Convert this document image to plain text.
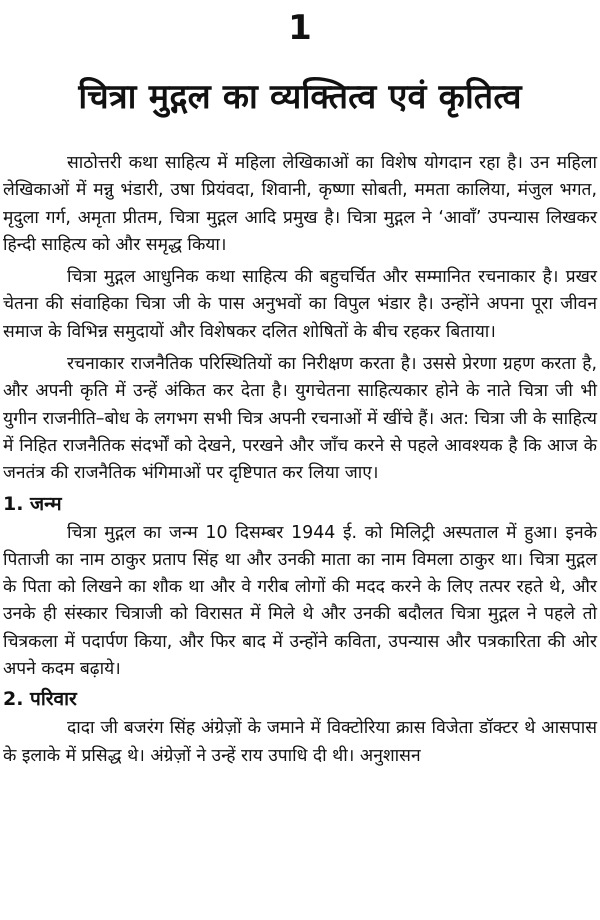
1
चित्रा मुद्गल का व्यक्तित्व एवं कृतित्व

साठोत्तरी कथा साहित्य में महिला लेखिकाओं का विशेष योगदान रहा है। उन महिला लेखिकाओं में मन्नु भंडारी, उषा प्रियंवदा, शिवानी, कृष्णा सोबती, ममता कालिया, मंजुल भगत, मृदुला गर्ग, अमृता प्रीतम, चित्रा मुद्गल आदि प्रमुख है। चित्रा मुद्गल ने ‘आवाँ’ उपन्यास लिखकर हिन्दी साहित्य को और समृद्ध किया।

चित्रा मुद्गल आधुनिक कथा साहित्य की बहुचर्चित और सम्मानित रचनाकार है। प्रखर चेतना की संवाहिका चित्रा जी के पास अनुभवों का विपुल भंडार है। उन्होंने अपना पूरा जीवन समाज के विभिन्न समुदायों और विशेषकर दलित शोषितों के बीच रहकर बिताया।

रचनाकार राजनैतिक परिस्थितियों का निरीक्षण करता है। उससे प्रेरणा ग्रहण करता है, और अपनी कृति में उन्हें अंकित कर देता है। युगचेतना साहित्यकार होने के नाते चित्रा जी भी युगीन राजनीति–बोध के लगभग सभी चित्र अपनी रचनाओं में खींचे हैं। अत: चित्रा जी के साहित्य में निहित राजनैतिक संदर्भों को देखने, परखने और जाँच करने से पहले आवश्यक है कि आज के जनतंत्र की राजनैतिक भंगिमाओं पर दृष्टिपात कर लिया जाए।

1. जन्म

चित्रा मुद्गल का जन्म 10 दिसम्बर 1944 ई. को मिलिट्री अस्पताल में हुआ। इनके पिताजी का नाम ठाकुर प्रताप सिंह था और उनकी माता का नाम विमला ठाकुर था। चित्रा मुद्गल के पिता को लिखने का शौक था और वे गरीब लोगों की मदद करने के लिए तत्पर रहते थे, और उनके ही संस्कार चित्राजी को विरासत में मिले थे और उनकी बदौलत चित्रा मुद्गल ने पहले तो चित्रकला में पदार्पण किया, और फिर बाद में उन्होंने कविता, उपन्यास और पत्रकारिता की ओर अपने कदम बढ़ाये।

2. परिवार

दादा जी बजरंग सिंह अंग्रेज़ों के जमाने में विक्टोरिया क्रास विजेता डॉक्टर थे आसपास के इलाके में प्रसिद्ध थे। अंग्रेज़ों ने उन्हें राय उपाधि दी थी। अनुशासन
